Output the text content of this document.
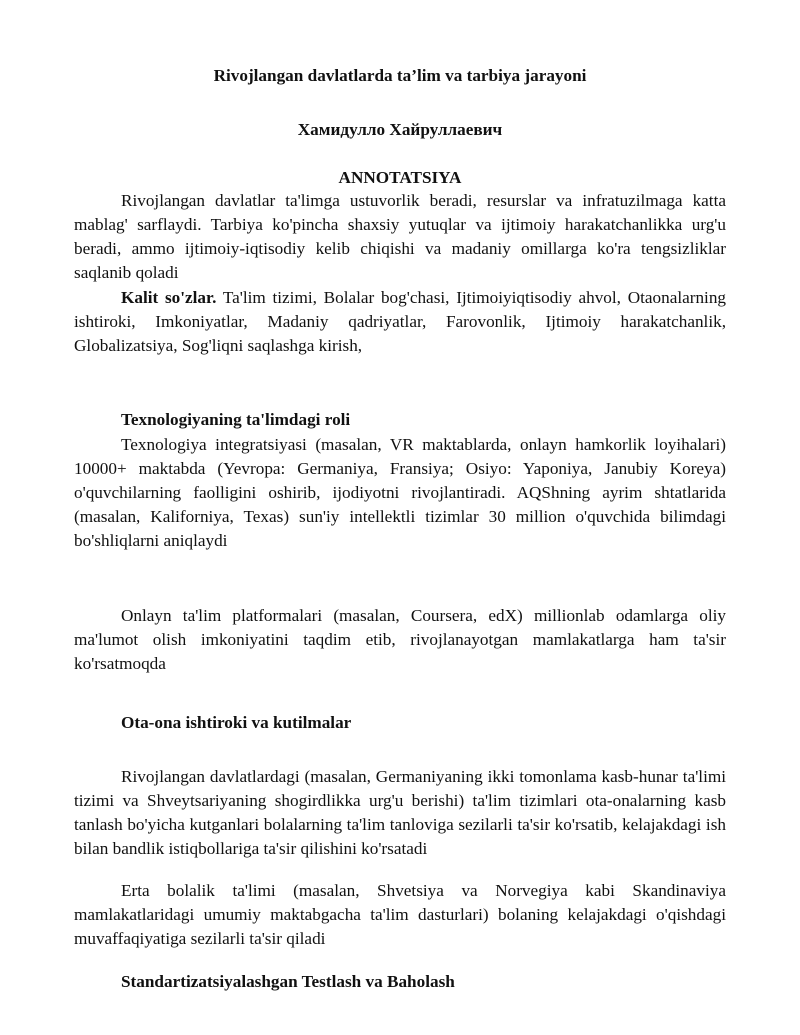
Rivojlangan davlatlarda ta’lim va tarbiya jarayoni
Хамидулло Хайруллаевич
ANNOTATSIYA

Rivojlangan davlatlar ta'limga ustuvorlik beradi, resurslar va infratuzilmaga katta mablag' sarflaydi. Tarbiya ko'pincha shaxsiy yutuqlar va ijtimoiy harakatchanlikka urg'u beradi, ammo ijtimoiy-iqtisodiy kelib chiqishi va madaniy omillarga ko'ra tengsizliklar saqlanib qoladi

Kalit so'zlar. Ta'lim tizimi, Bolalar bog'chasi, Ijtimoiyiqtisodiy ahvol, Otaonalarning ishtiroki, Imkoniyatlar, Madaniy qadriyatlar, Farovonlik, Ijtimoiy harakatchanlik, Globalizatsiya, Sog'liqni saqlashga kirish,

Texnologiyaning ta'limdagi roli

Texnologiya integratsiyasi (masalan, VR maktablarda, onlayn hamkorlik loyihalari) 10000+ maktabda (Yevropa: Germaniya, Fransiya; Osiyo: Yaponiya, Janubiy Koreya) o'quvchilarning faolligini oshirib, ijodiyotni rivojlantiradi. AQShning ayrim shtatlarida (masalan, Kaliforniya, Texas) sun'iy intellektli tizimlar 30 million o'quvchida bilimdagi bo'shliqlarni aniqlaydi

Onlayn ta'lim platformalari (masalan, Coursera, edX) millionlab odamlarga oliy ma'lumot olish imkoniyatini taqdim etib, rivojlanayotgan mamlakatlarga ham ta'sir ko'rsatmoqda

Ota-ona ishtiroki va kutilmalar

Rivojlangan davlatlardagi (masalan, Germaniyaning ikki tomonlama kasb-hunar ta'limi tizimi va Shveytsariyaning shogirdlikka urg'u berishi) ta'lim tizimlari ota-onalarning kasb tanlash bo'yicha kutganlari bolalarning ta'lim tanloviga sezilarli ta'sir ko'rsatib, kelajakdagi ish bilan bandlik istiqbollariga ta'sir qilishini ko'rsatadi

Erta bolalik ta'limi (masalan, Shvetsiya va Norvegiya kabi Skandinaviya mamlakatlaridagi umumiy maktabgacha ta'lim dasturlari) bolaning kelajakdagi o'qishdagi muvaffaqiyatiga sezilarli ta'sir qiladi

Standartizatsiyalashgan Testlash va Baholash
